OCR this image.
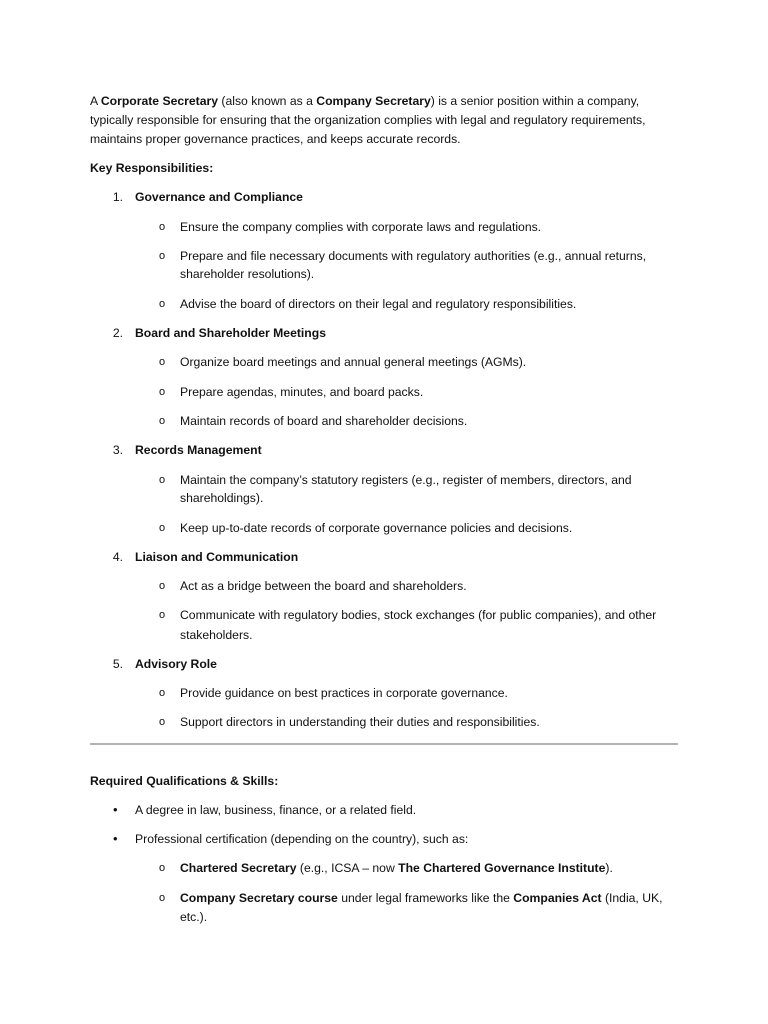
A Corporate Secretary (also known as a Company Secretary) is a senior position within a company,
typically responsible for ensuring that the organization complies with legal and regulatory requirements,
maintains proper governance practices, and keeps accurate records.
Key Responsibilities:
1. Governance and Compliance
o Ensure the company complies with corporate laws and regulations.
o Prepare and file necessary documents with regulatory authorities (e.g., annual returns,
shareholder resolutions).
o Advise the board of directors on their legal and regulatory responsibilities.
2. Board and Shareholder Meetings
o Organize board meetings and annual general meetings (AGMs).
o Prepare agendas, minutes, and board packs.
o Maintain records of board and shareholder decisions.
3. Records Management
o Maintain the company’s statutory registers (e.g., register of members, directors, and
shareholdings).
o Keep up-to-date records of corporate governance policies and decisions.
4. Liaison and Communication
o Act as a bridge between the board and shareholders.
o Communicate with regulatory bodies, stock exchanges (for public companies), and other
stakeholders.
5. Advisory Role
o Provide guidance on best practices in corporate governance.
o Support directors in understanding their duties and responsibilities.
Required Qualifications & Skills:
• A degree in law, business, finance, or a related field.
• Professional certification (depending on the country), such as:
o Chartered Secretary (e.g., ICSA – now The Chartered Governance Institute).
o Company Secretary course under legal frameworks like the Companies Act (India, UK,
etc.).
